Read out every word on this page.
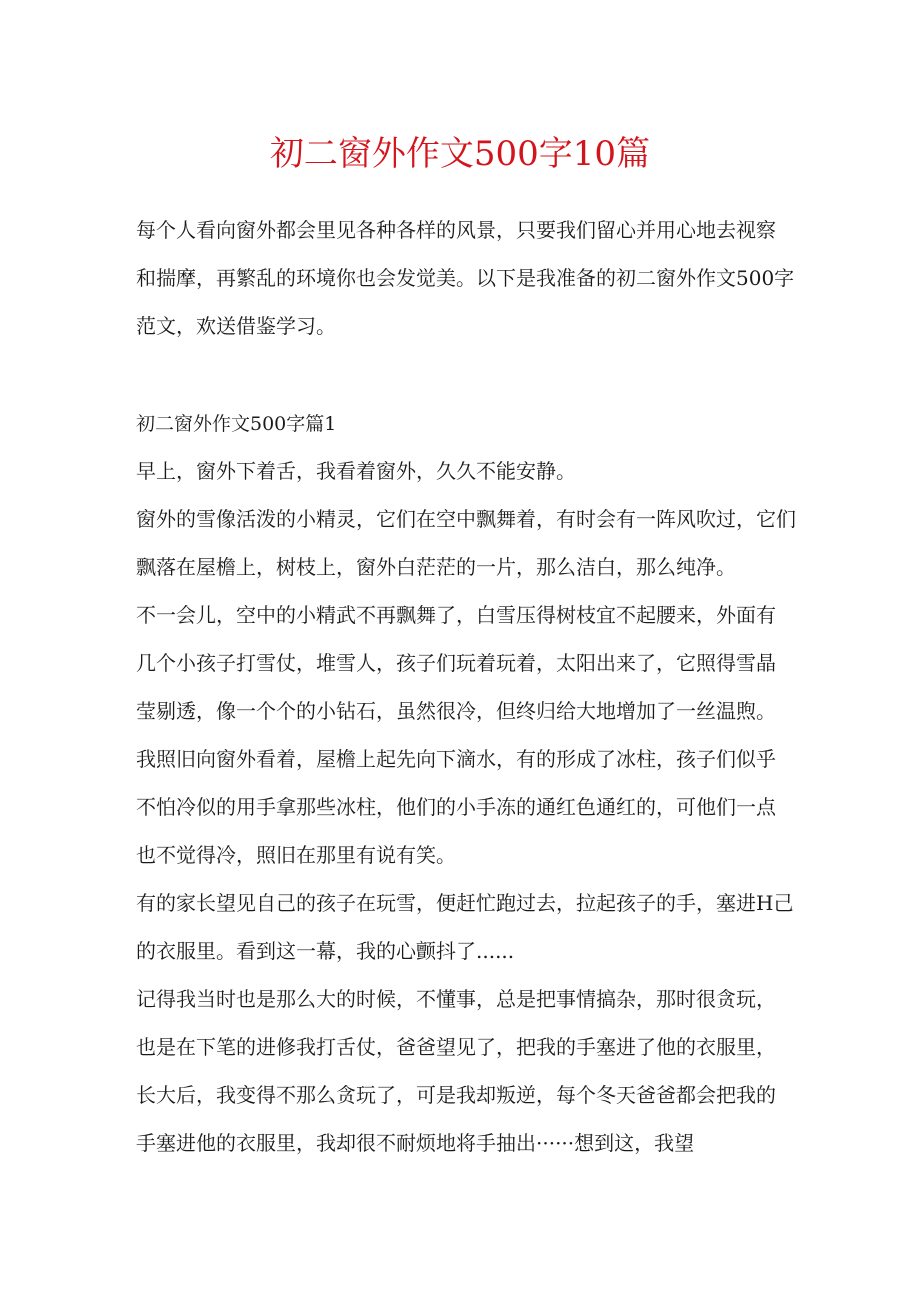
初二窗外作文500字10篇

每个人看向窗外都会里见各种各样的风景，只要我们留心并用心地去视察
和揣摩，再繁乱的环境你也会发觉美。以下是我准备的初二窗外作文500字
范文，欢送借鉴学习。

初二窗外作文500字篇1

早上，窗外下着舌，我看着窗外，久久不能安静。

窗外的雪像活泼的小精灵，它们在空中飘舞着，有时会有一阵风吹过，它们
飘落在屋檐上，树枝上，窗外白茫茫的一片，那么洁白，那么纯净。

不一会儿，空中的小精武不再飘舞了，白雪压得树枝宜不起腰来，外面有
几个小孩子打雪仗，堆雪人，孩子们玩着玩着，太阳出来了，它照得雪晶
莹剔透，像一个个的小钻石，虽然很冷，但终归给大地增加了一丝温煦。

我照旧向窗外看着，屋檐上起先向下滴水，有的形成了冰柱，孩子们似乎
不怕冷似的用手拿那些冰柱，他们的小手冻的通红色通红的，可他们一点
也不觉得冷，照旧在那里有说有笑。

有的家长望见自己的孩子在玩雪，便赶忙跑过去，拉起孩子的手，塞进H己
的衣服里。看到这一幕，我的心颤抖了......

记得我当时也是那么大的时候，不懂事，总是把事情搞杂，那时很贪玩，
也是在下笔的进修我打舌仗，爸爸望见了，把我的手塞进了他的衣服里，
长大后，我变得不那么贪玩了，可是我却叛逆，每个冬天爸爸都会把我的
手塞进他的衣服里，我却很不耐烦地将手抽出······想到这，我望
